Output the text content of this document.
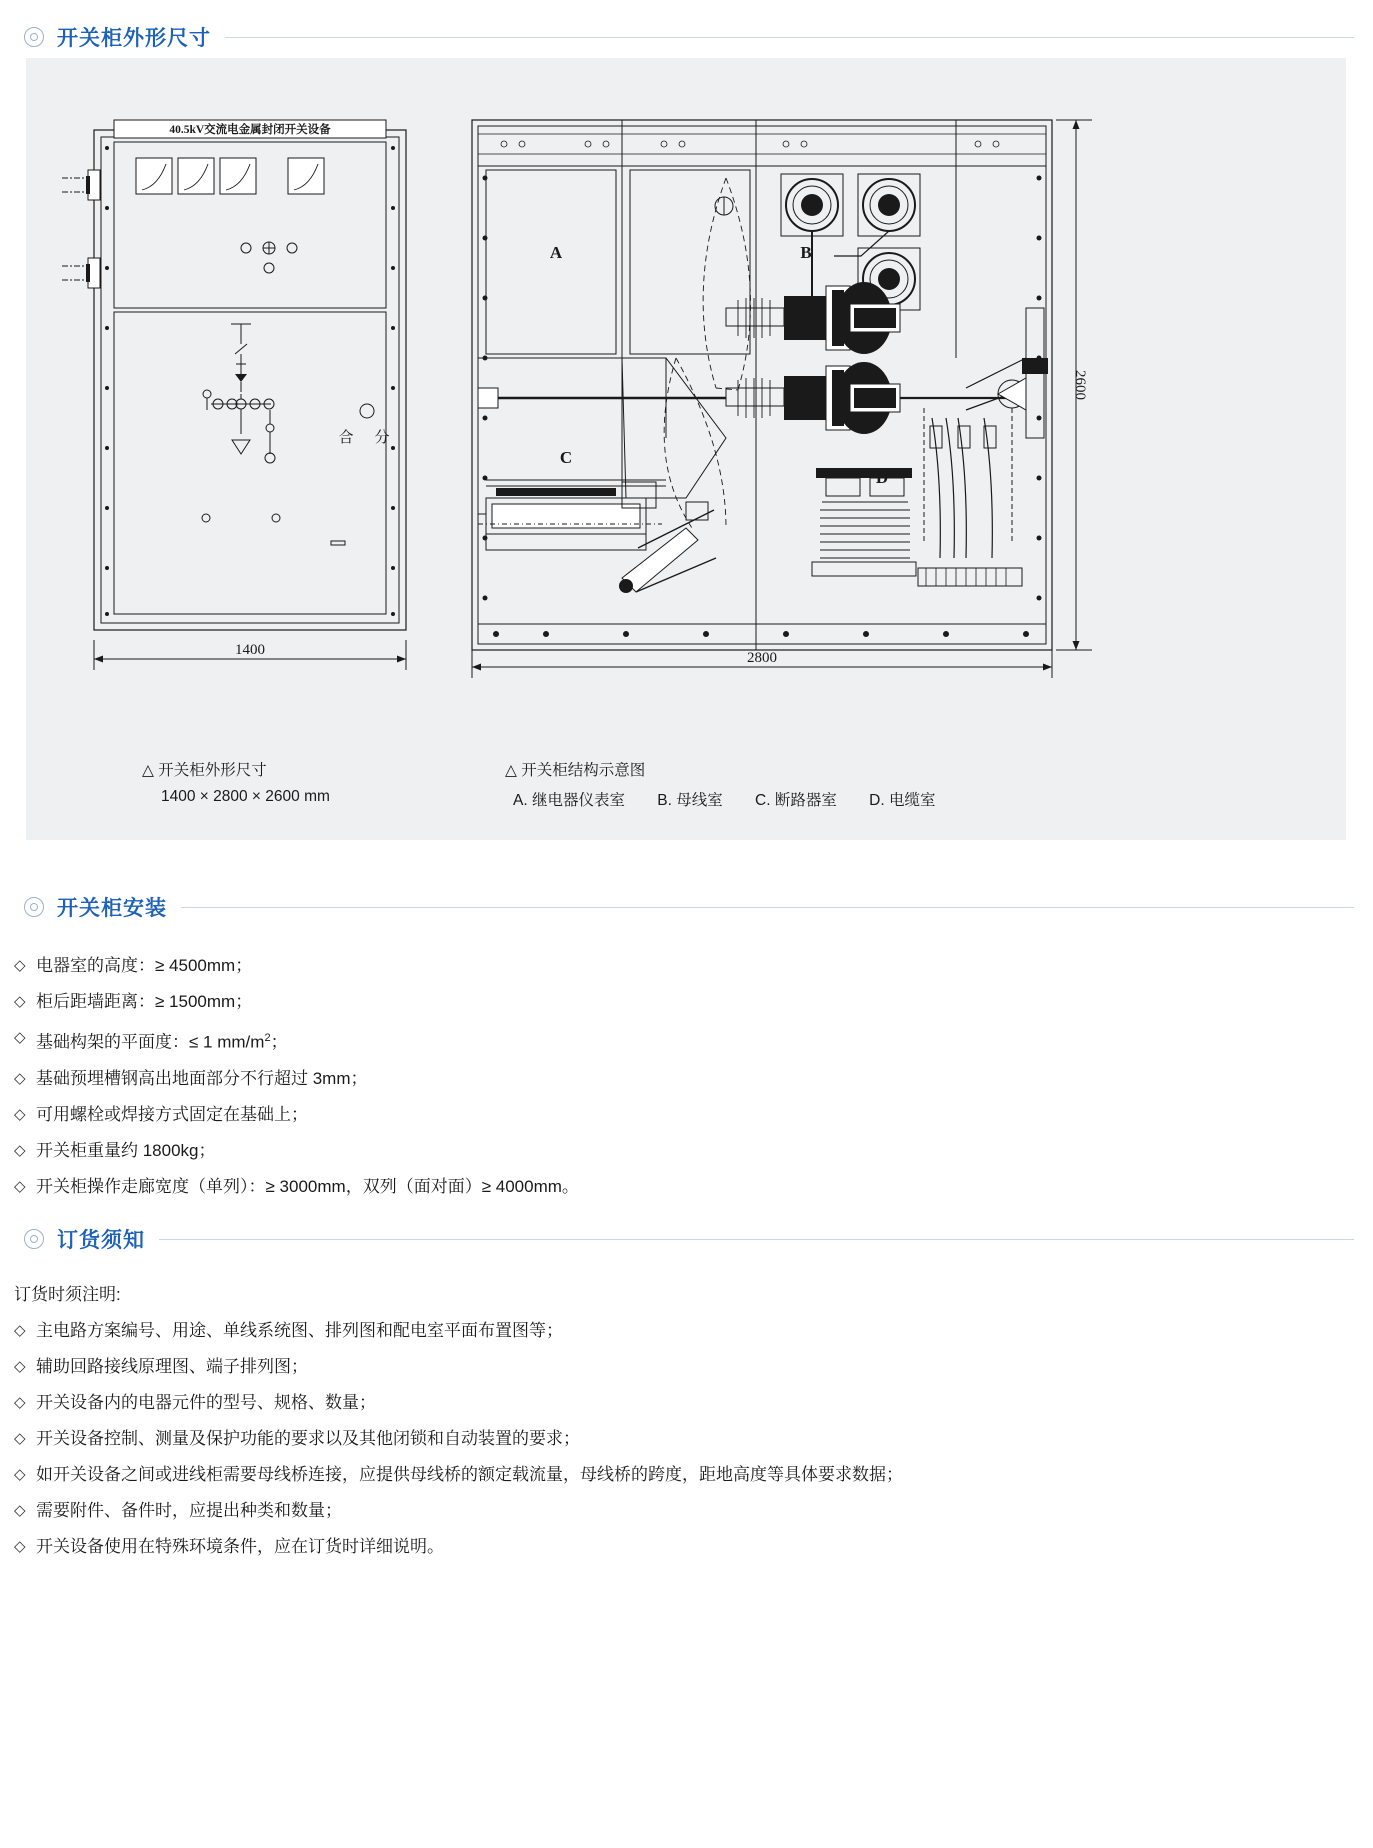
开关柜外形尺寸
40.5kV交流电金属封闭开关设备
合 分
1400
A	B
C
2800
2600
△ 开关柜外形尺寸
1400 × 2800 × 2600 mm
△ 开关柜结构示意图
A. 继电器仪表室 B. 母线室 C. 断路器室 D. 电缆室
开关柜安装
◇ 电器室的高度：≥ 4500mm；
◇ 柜后距墙距离：≥ 1500mm；
◇ 基础构架的平面度：≤ 1 $mm/m^2$；
◇ 基础预埋槽钢高出地面部分不行超过 3mm；
◇ 可用螺栓或焊接方式固定在基础上；
◇ 开关柜重量约 1800kg；
◇ 开关柜操作走廊宽度（单列）：≥ 3000mm，双列（面对面）≥ 4000mm。
订货须知
订货时须注明:
◇ 主电路方案编号、用途、单线系统图、排列图和配电室平面布置图等；
◇ 辅助回路接线原理图、端子排列图；
◇ 开关设备内的电器元件的型号、规格、数量；
◇ 开关设备控制、测量及保护功能的要求以及其他闭锁和自动装置的要求；
◇ 如开关设备之间或进线柜需要母线桥连接，应提供母线桥的额定载流量，母线桥的跨度，距地高度等具体要求数据；
◇ 需要附件、备件时，应提出种类和数量；
◇ 开关设备使用在特殊环境条件，应在订货时详细说明。
